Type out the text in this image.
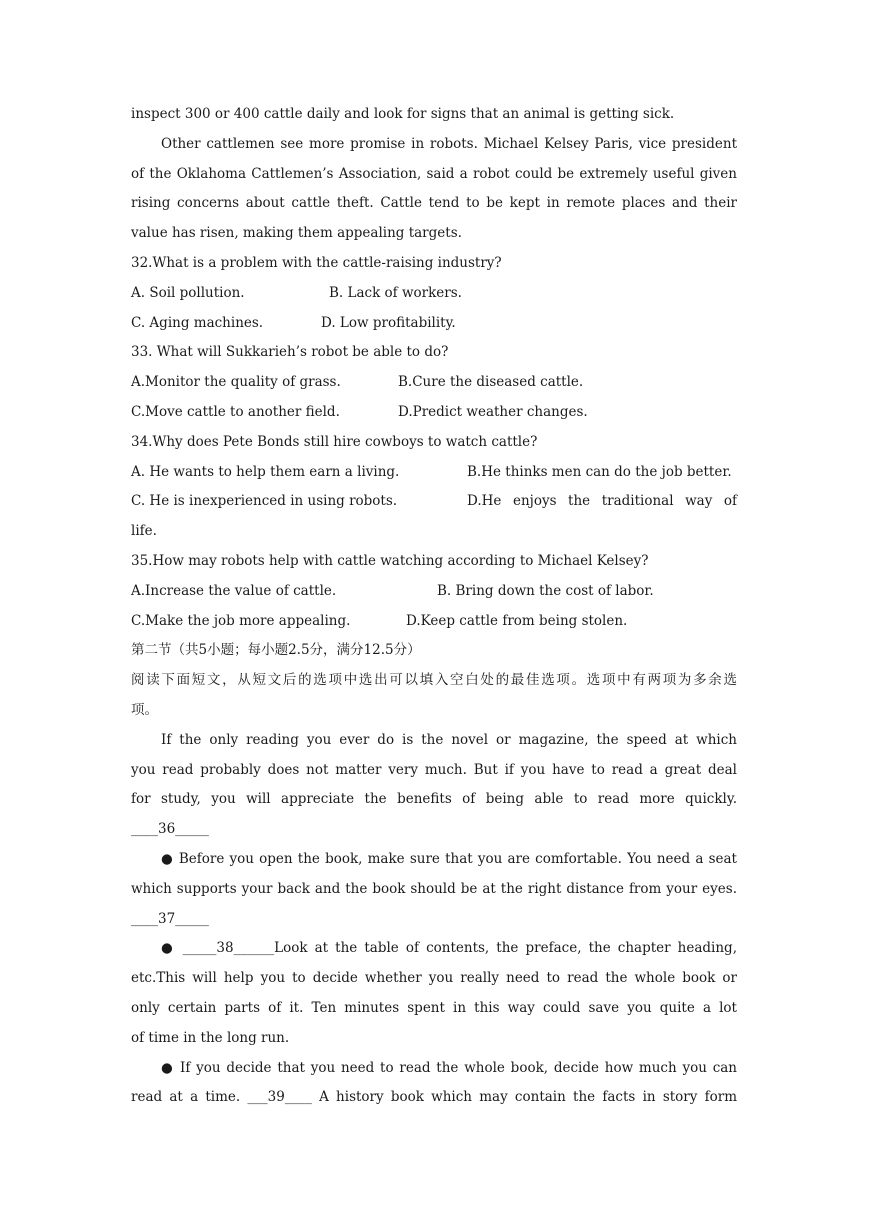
inspect 300 or 400 cattle daily and look for signs that an animal is getting sick.
Other cattlemen see more promise in robots. Michael Kelsey Paris, vice president
of the Oklahoma Cattlemen’s Association, said a robot could be extremely useful given
rising concerns about cattle theft. Cattle tend to be kept in remote places and their
value has risen, making them appealing targets.
32.What is a problem with the cattle-raising industry?
A. Soil pollution.	B. Lack of workers.
C. Aging machines.	D. Low profitability.
33. What will Sukkarieh’s robot be able to do?
A.Monitor the quality of grass.	B.Cure the diseased cattle.
C.Move cattle to another field.	D.Predict weather changes.
34.Why does Pete Bonds still hire cowboys to watch cattle?
A. He wants to help them earn a living.	B.He thinks men can do the job better.
C. He is inexperienced in using robots.	D.He enjoys the traditional way of
life.
35.How may robots help with cattle watching according to Michael Kelsey?
A.Increase the value of cattle.	B. Bring down the cost of labor.
C.Make the job more appealing.	D.Keep cattle from being stolen.
第二节（共5小题；每小题2.5分，满分12.5分）
阅读下面短文，从短文后的选项中选出可以填入空白处的最佳选项。选项中有两项为多余选
项。
If the only reading you ever do is the novel or magazine, the speed at which
you read probably does not matter very much. But if you have to read a great deal
for study, you will appreciate the benefits of being able to read more quickly.
____36_____
● Before you open the book, make sure that you are comfortable. You need a seat
which supports your back and the book should be at the right distance from your eyes.
____37_____
● _____38______Look at the table of contents, the preface, the chapter heading,
etc.This will help you to decide whether you really need to read the whole book or
only certain parts of it. Ten minutes spent in this way could save you quite a lot
of time in the long run.
● If you decide that you need to read the whole book, decide how much you can
read at a time. ___39____ A history book which may contain the facts in story form
